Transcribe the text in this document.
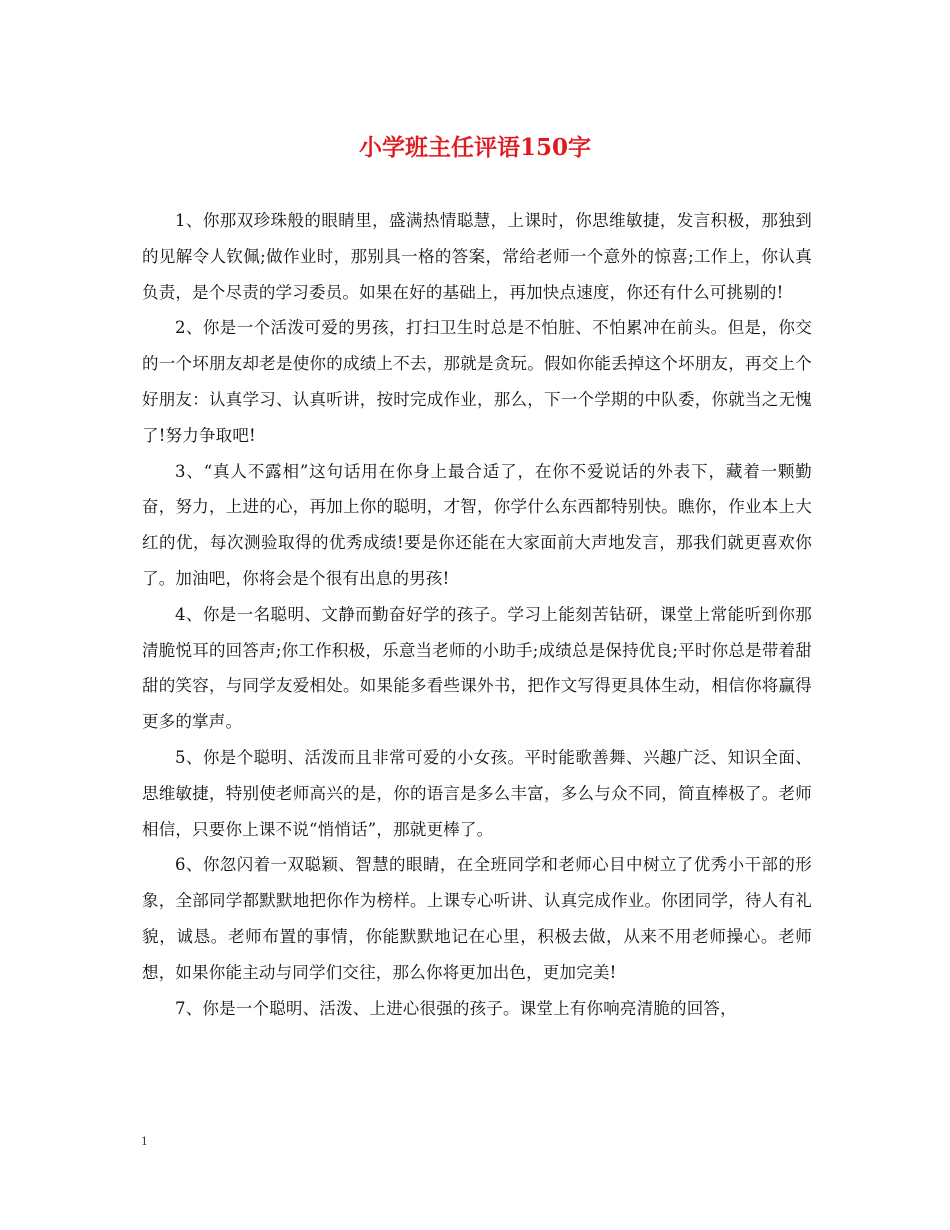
小学班主任评语150字

1、你那双珍珠般的眼睛里，盛满热情聪慧，上课时，你思维敏捷，发言积极，那独到的见解令人钦佩;做作业时，那别具一格的答案，常给老师一个意外的惊喜;工作上，你认真负责，是个尽责的学习委员。如果在好的基础上，再加快点速度，你还有什么可挑剔的!

2、你是一个活泼可爱的男孩，打扫卫生时总是不怕脏、不怕累冲在前头。但是，你交的一个坏朋友却老是使你的成绩上不去，那就是贪玩。假如你能丢掉这个坏朋友，再交上个好朋友：认真学习、认真听讲，按时完成作业，那么，下一个学期的中队委，你就当之无愧了!努力争取吧!

3、“真人不露相”这句话用在你身上最合适了，在你不爱说话的外表下，藏着一颗勤奋，努力，上进的心，再加上你的聪明，才智，你学什么东西都特别快。瞧你，作业本上大红的优，每次测验取得的优秀成绩!要是你还能在大家面前大声地发言，那我们就更喜欢你了。加油吧，你将会是个很有出息的男孩!

4、你是一名聪明、文静而勤奋好学的孩子。学习上能刻苦钻研，课堂上常能听到你那清脆悦耳的回答声;你工作积极，乐意当老师的小助手;成绩总是保持优良;平时你总是带着甜甜的笑容，与同学友爱相处。如果能多看些课外书，把作文写得更具体生动，相信你将赢得更多的掌声。

5、你是个聪明、活泼而且非常可爱的小女孩。平时能歌善舞、兴趣广泛、知识全面、思维敏捷，特别使老师高兴的是，你的语言是多么丰富，多么与众不同，简直棒极了。老师相信，只要你上课不说“悄悄话”，那就更棒了。

6、你忽闪着一双聪颖、智慧的眼睛，在全班同学和老师心目中树立了优秀小干部的形象，全部同学都默默地把你作为榜样。上课专心听讲、认真完成作业。你团同学，待人有礼貌，诚恳。老师布置的事情，你能默默地记在心里，积极去做，从来不用老师操心。老师想，如果你能主动与同学们交往，那么你将更加出色，更加完美!

7、你是一个聪明、活泼、上进心很强的孩子。课堂上有你响亮清脆的回答，

1
